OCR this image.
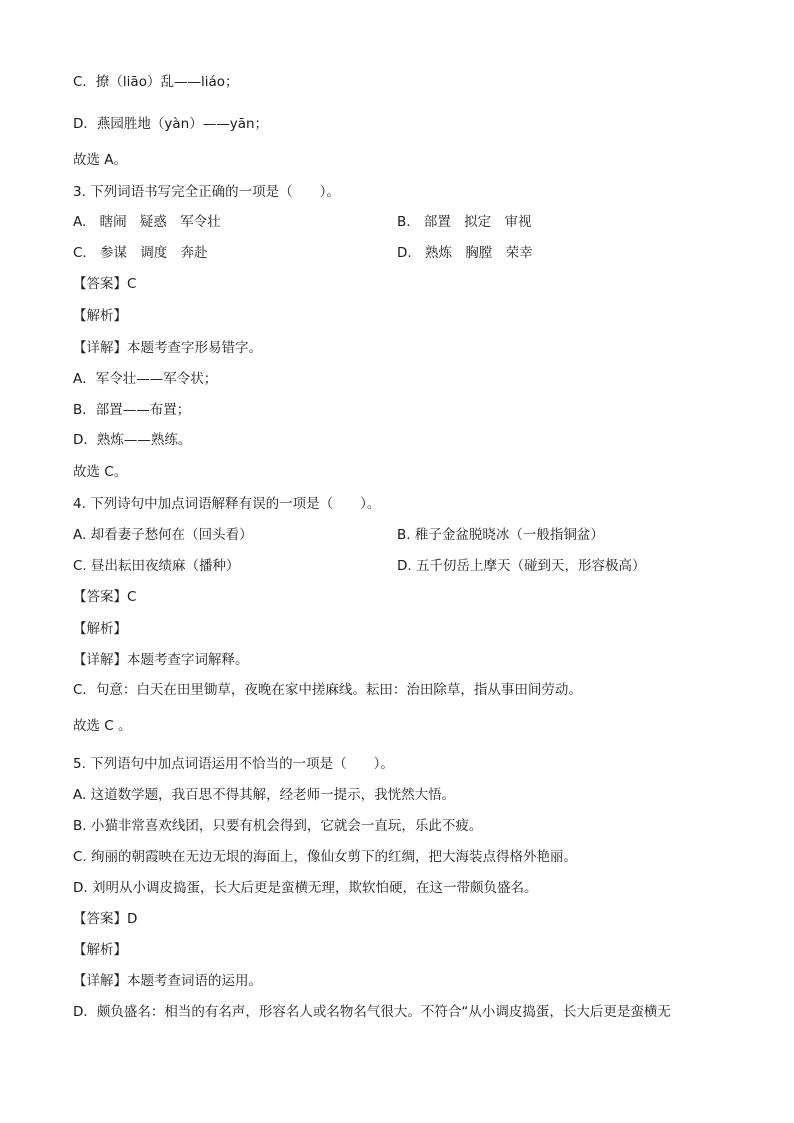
C．撩（liāo）乱——liáo；
D．燕园胜地（yàn）——yān；
故选 A。
3. 下列词语书写完全正确的一项是（　　）。
A. 瞎闹 疑惑 军令壮	B. 部置 拟定 审视
C. 参谋 调度 奔赴	D. 熟炼 胸膛 荣幸
【答案】C
【解析】
【详解】本题考查字形易错字。
A．军令壮——军令状；
B．部置——布置；
D．熟炼——熟练。
故选 C。
4. 下列诗句中加点词语解释有误的一项是（　　）。
A. 却看妻子愁何在（回头看）	B. 稚子金盆脱晓冰（一般指铜盆）
C. 昼出耘田夜绩麻（播种）	D. 五千仞岳上摩天（碰到天，形容极高）
【答案】C
【解析】
【详解】本题考查字词解释。
C．句意：白天在田里锄草，夜晚在家中搓麻线。耘田：治田除草，指从事田间劳动。
故选 C 。
5. 下列语句中加点词语运用不恰当的一项是（　　）。
A. 这道数学题，我百思不得其解，经老师一提示，我恍然大悟。
B. 小猫非常喜欢线团，只要有机会得到，它就会一直玩，乐此不疲。
C. 绚丽的朝霞映在无边无垠的海面上，像仙女剪下的红绸，把大海装点得格外艳丽。
D. 刘明从小调皮捣蛋，长大后更是蛮横无理，欺软怕硬，在这一带颇负盛名。
【答案】D
【解析】
【详解】本题考查词语的运用。
D．颇负盛名：相当的有名声，形容名人或名物名气很大。不符合“从小调皮捣蛋，长大后更是蛮横无
